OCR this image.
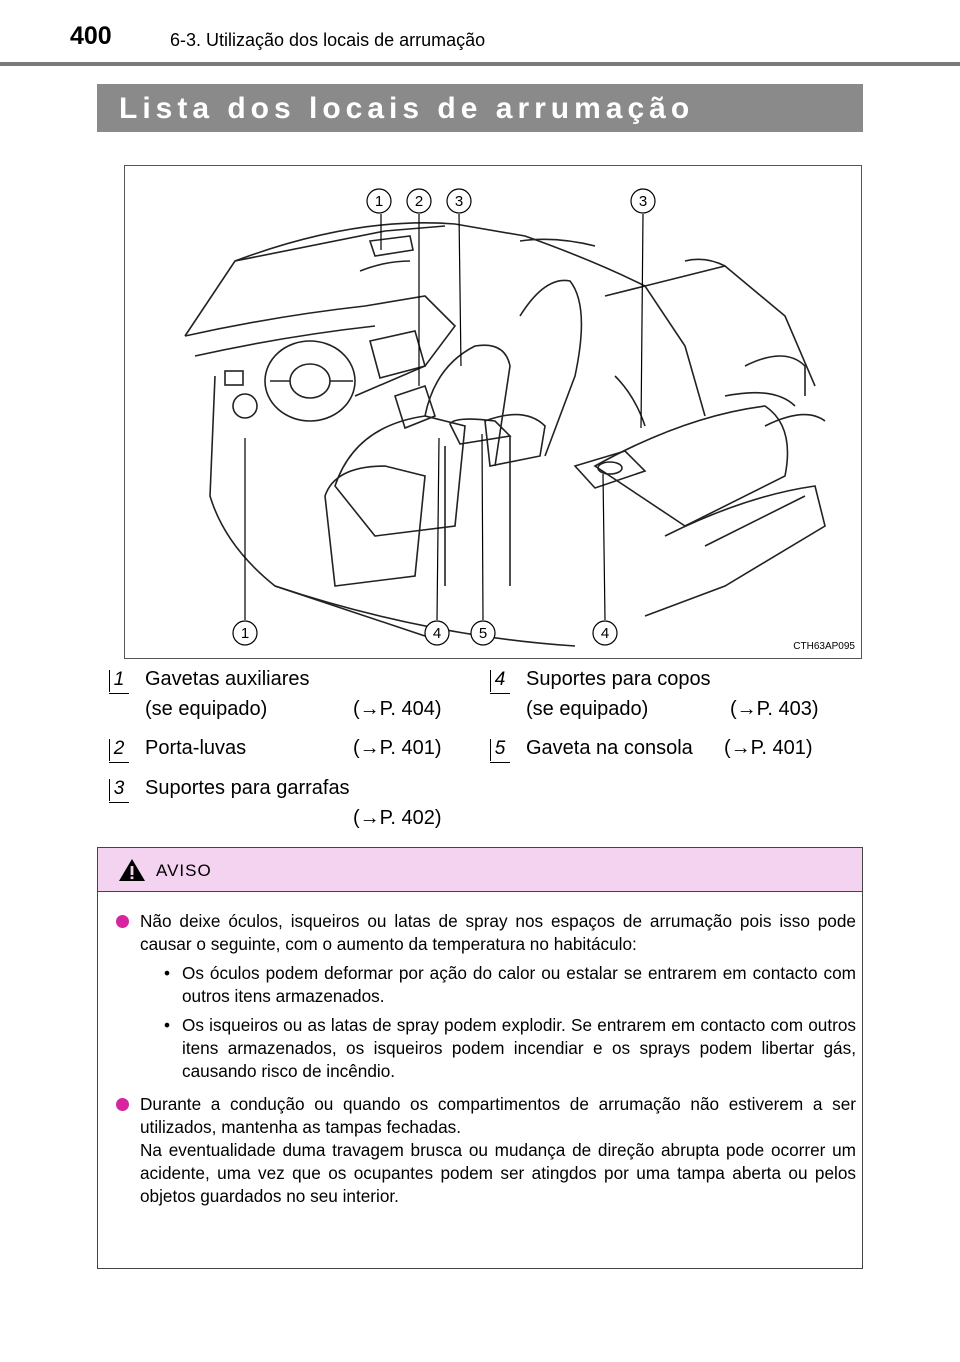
400	6-3. Utilização dos locais de arrumação
Lista dos locais de arrumação
1 2 3	3
1	4	5	4
CTH63AP095
1 Gavetas auxiliares
(se equipado)	(→P. 404)
2 Porta-luvas	(→P. 401)
3 Suportes para garrafas
(→P. 402)
4 Suportes para copos
(se equipado)	(→P. 403)
5 Gaveta na consola (→P. 401)
AVISO
Não deixe óculos, isqueiros ou latas de spray nos espaços de arrumação pois isso pode causar o seguinte, com o aumento da temperatura no habitáculo:
• Os óculos podem deformar por ação do calor ou estalar se entrarem em contacto com outros itens armazenados.
• Os isqueiros ou as latas de spray podem explodir. Se entrarem em contacto com outros itens armazenados, os isqueiros podem incendiar e os sprays podem libertar gás, causando risco de incêndio.
Durante a condução ou quando os compartimentos de arrumação não estiverem a ser utilizados, mantenha as tampas fechadas.
Na eventualidade duma travagem brusca ou mudança de direção abrupta pode ocorrer um acidente, uma vez que os ocupantes podem ser atingdos por uma tampa aberta ou pelos objetos guardados no seu interior.
